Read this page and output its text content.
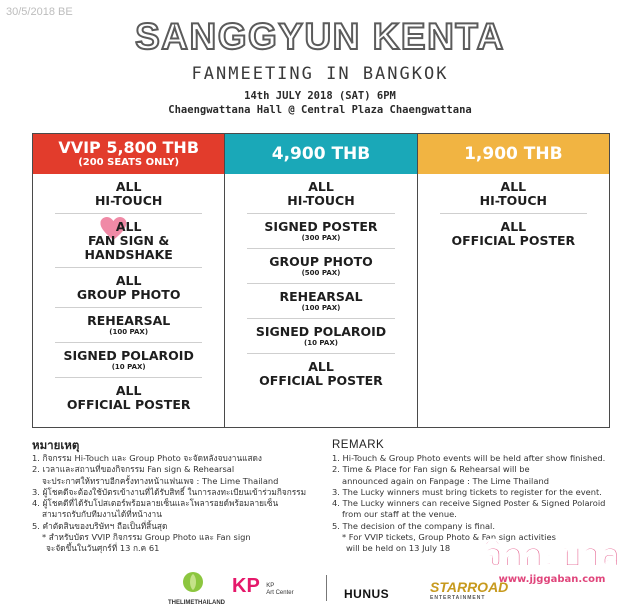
30/5/2018 BE
SANGGYUN KENTA
FANMEETING IN BANGKOK
14th JULY 2018 (SAT) 6PM
Chaengwattana Hall @ Central Plaza Chaengwattana
VVIP 5,800 THB
(200 SEATS ONLY)
ALL
HI-TOUCH
ALL
FAN SIGN & HANDSHAKE
ALL
GROUP PHOTO
REHEARSAL
(100 PAX)
SIGNED POLAROID
(10 PAX)
ALL
OFFICIAL POSTER
4,900 THB
ALL
HI-TOUCH
SIGNED POSTER
(300 PAX)
GROUP PHOTO
(500 PAX)
REHEARSAL
(100 PAX)
SIGNED POLAROID
(10 PAX)
ALL
OFFICIAL POSTER
1,900 THB
ALL
HI-TOUCH
ALL
OFFICIAL POSTER
หมายเหตุ

1. กิจกรรม Hi-Touch และ Group Photo จะจัดหลังจบงานแสดง

2. เวลาและสถานที่ของกิจกรรม Fan sign & Rehearsal

จะประกาศให้ทราบอีกครั้งทางหน้าแฟนเพจ : The Lime Thailand

3. ผู้โชคดีจะต้องใช้บัตรเข้างานที่ได้รับสิทธิ์ ในการลงทะเบียนเข้าร่วมกิจกรรม

4. ผู้โชคดีที่ได้รับโปสเตอร์พร้อมลายเซ็นและโพลารอยด์พร้อมลายเซ็น

สามารถรับกับทีมงานได้ที่หน้างาน

5. คำตัดสินของบริษัทฯ ถือเป็นที่สิ้นสุด

* สำหรับบัตร VVIP กิจกรรม Group Photo และ Fan sign

จะจัดขึ้นในวันศุกร์ที่ 13 ก.ค 61

REMARK

1. Hi-Touch & Group Photo events will be held after show finished.

2. Time & Place for Fan sign & Rehearsal will be

announced again on Fanpage : The Lime Thailand

3. The Lucky winners must bring tickets to register for the event.

4. The Lucky winners can receive Signed Poster & Signed Polaroid

from our staff at the venue.

5. The decision of the company is final.

* For VVIP tickets, Group Photo & Fan sign activities

will be held on 13 July 18

THELIMETHAILAND
KP KP
Art Center	HUNUS	STARROAD
ENTERTAINMENT
จิกกะบาล
www.jjggaban.com
